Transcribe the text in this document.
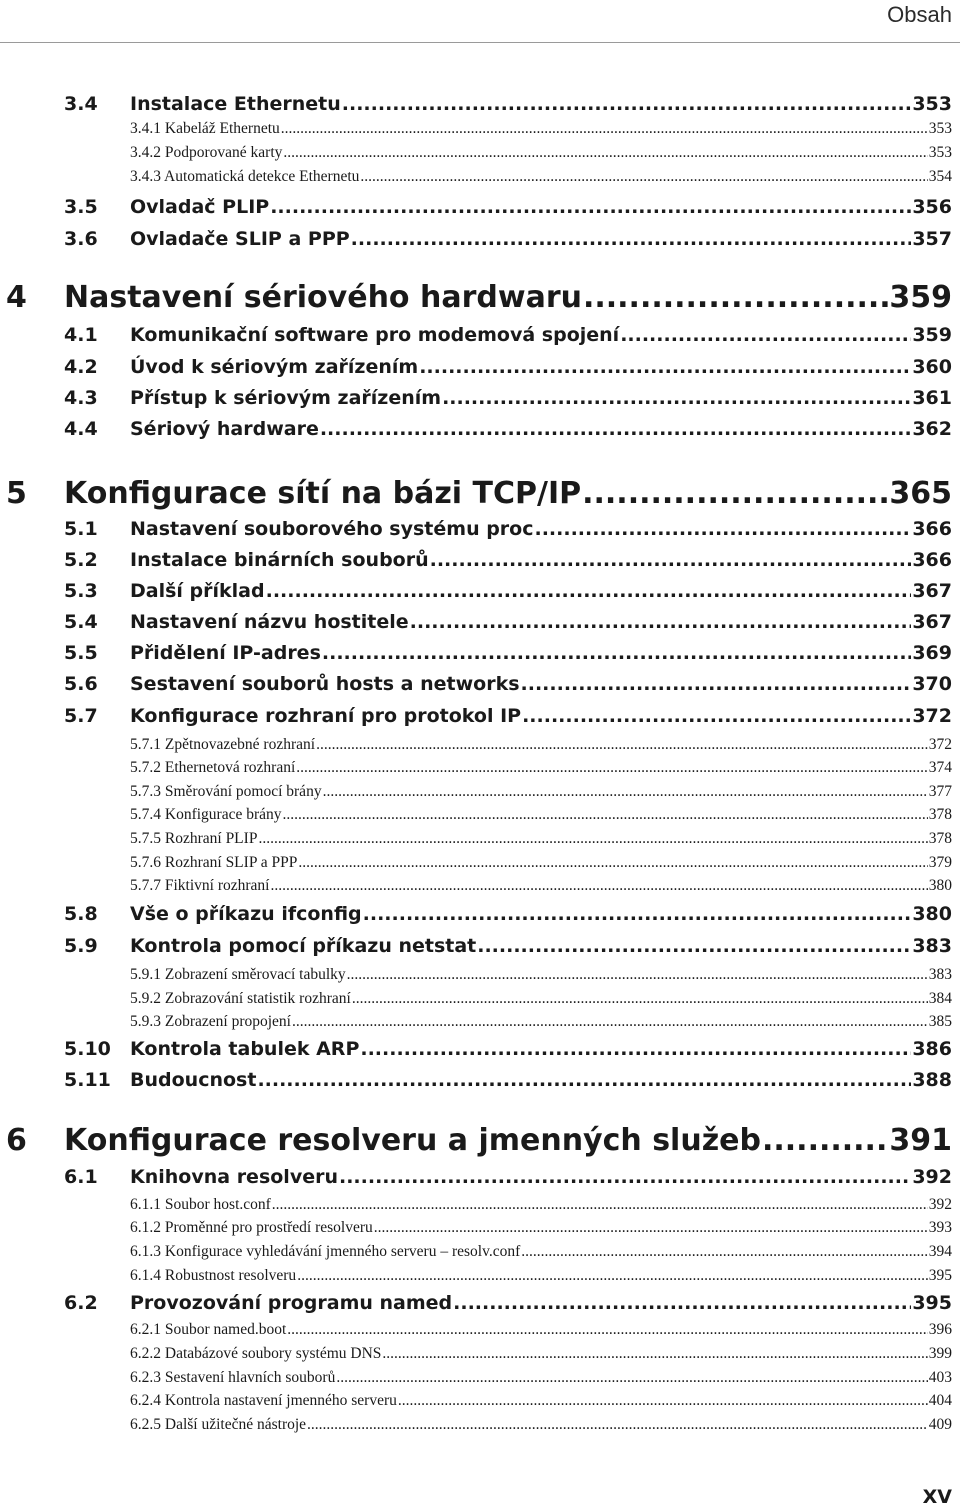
Obsah
3.4	Instalace Ethernetu .....	353
3.4.1 Kabeláž Ethernetu .....	353
3.4.2 Podporované karty .....	353
3.4.3 Automatická detekce Ethernetu .....	354
3.5	Ovladač PLIP .....	356
3.6	Ovladače SLIP a PPP .....	357
4	Nastavení sériového hardwaru .....	359
4.1	Komunikační software pro modemová spojení .....	359
4.2	Úvod k sériovým zařízením .....	360
4.3	Přístup k sériovým zařízením .....	361
4.4	Sériový hardware .....	362
5	Konfigurace sítí na bázi TCP/IP .....	365
5.1	Nastavení souborového systému proc .....	366
5.2	Instalace binárních souborů .....	366
5.3	Další příklad .....	367
5.4	Nastavení názvu hostitele .....	367
5.5	Přidělení IP-adres .....	369
5.6	Sestavení souborů hosts a networks .....	370
5.7	Konfigurace rozhraní pro protokol IP .....	372
5.7.1 Zpětnovazebné rozhraní .....	372
5.7.2 Ethernetová rozhraní .....	374
5.7.3 Směrování pomocí brány .....	377
5.7.4 Konfigurace brány .....	378
5.7.5 Rozhraní PLIP .....	378
5.7.6 Rozhraní SLIP a PPP .....	379
5.7.7 Fiktivní rozhraní .....	380
5.8	Vše o příkazu ifconfig .....	380
5.9	Kontrola pomocí příkazu netstat .....	383
5.9.1 Zobrazení směrovací tabulky .....	383
5.9.2 Zobrazování statistik rozhraní .....	384
5.9.3 Zobrazení propojení .....	385
5.10	Kontrola tabulek ARP .....	386
5.11	Budoucnost .....	388
6	Konfigurace resolveru a jmenných služeb .....	391
6.1	Knihovna resolveru .....	392
6.1.1 Soubor host.conf .....	392
6.1.2 Proměnné pro prostředí resolveru .....	393
6.1.3 Konfigurace vyhledávání jmenného serveru – resolv.conf .....	394
6.1.4 Robustnost resolveru .....	395
6.2	Provozování programu named .....	395
6.2.1 Soubor named.boot .....	396
6.2.2 Databázové soubory systému DNS .....	399
6.2.3 Sestavení hlavních souborů .....	403
6.2.4 Kontrola nastavení jmenného serveru .....	404
6.2.5 Další užitečné nástroje .....	409
XV
